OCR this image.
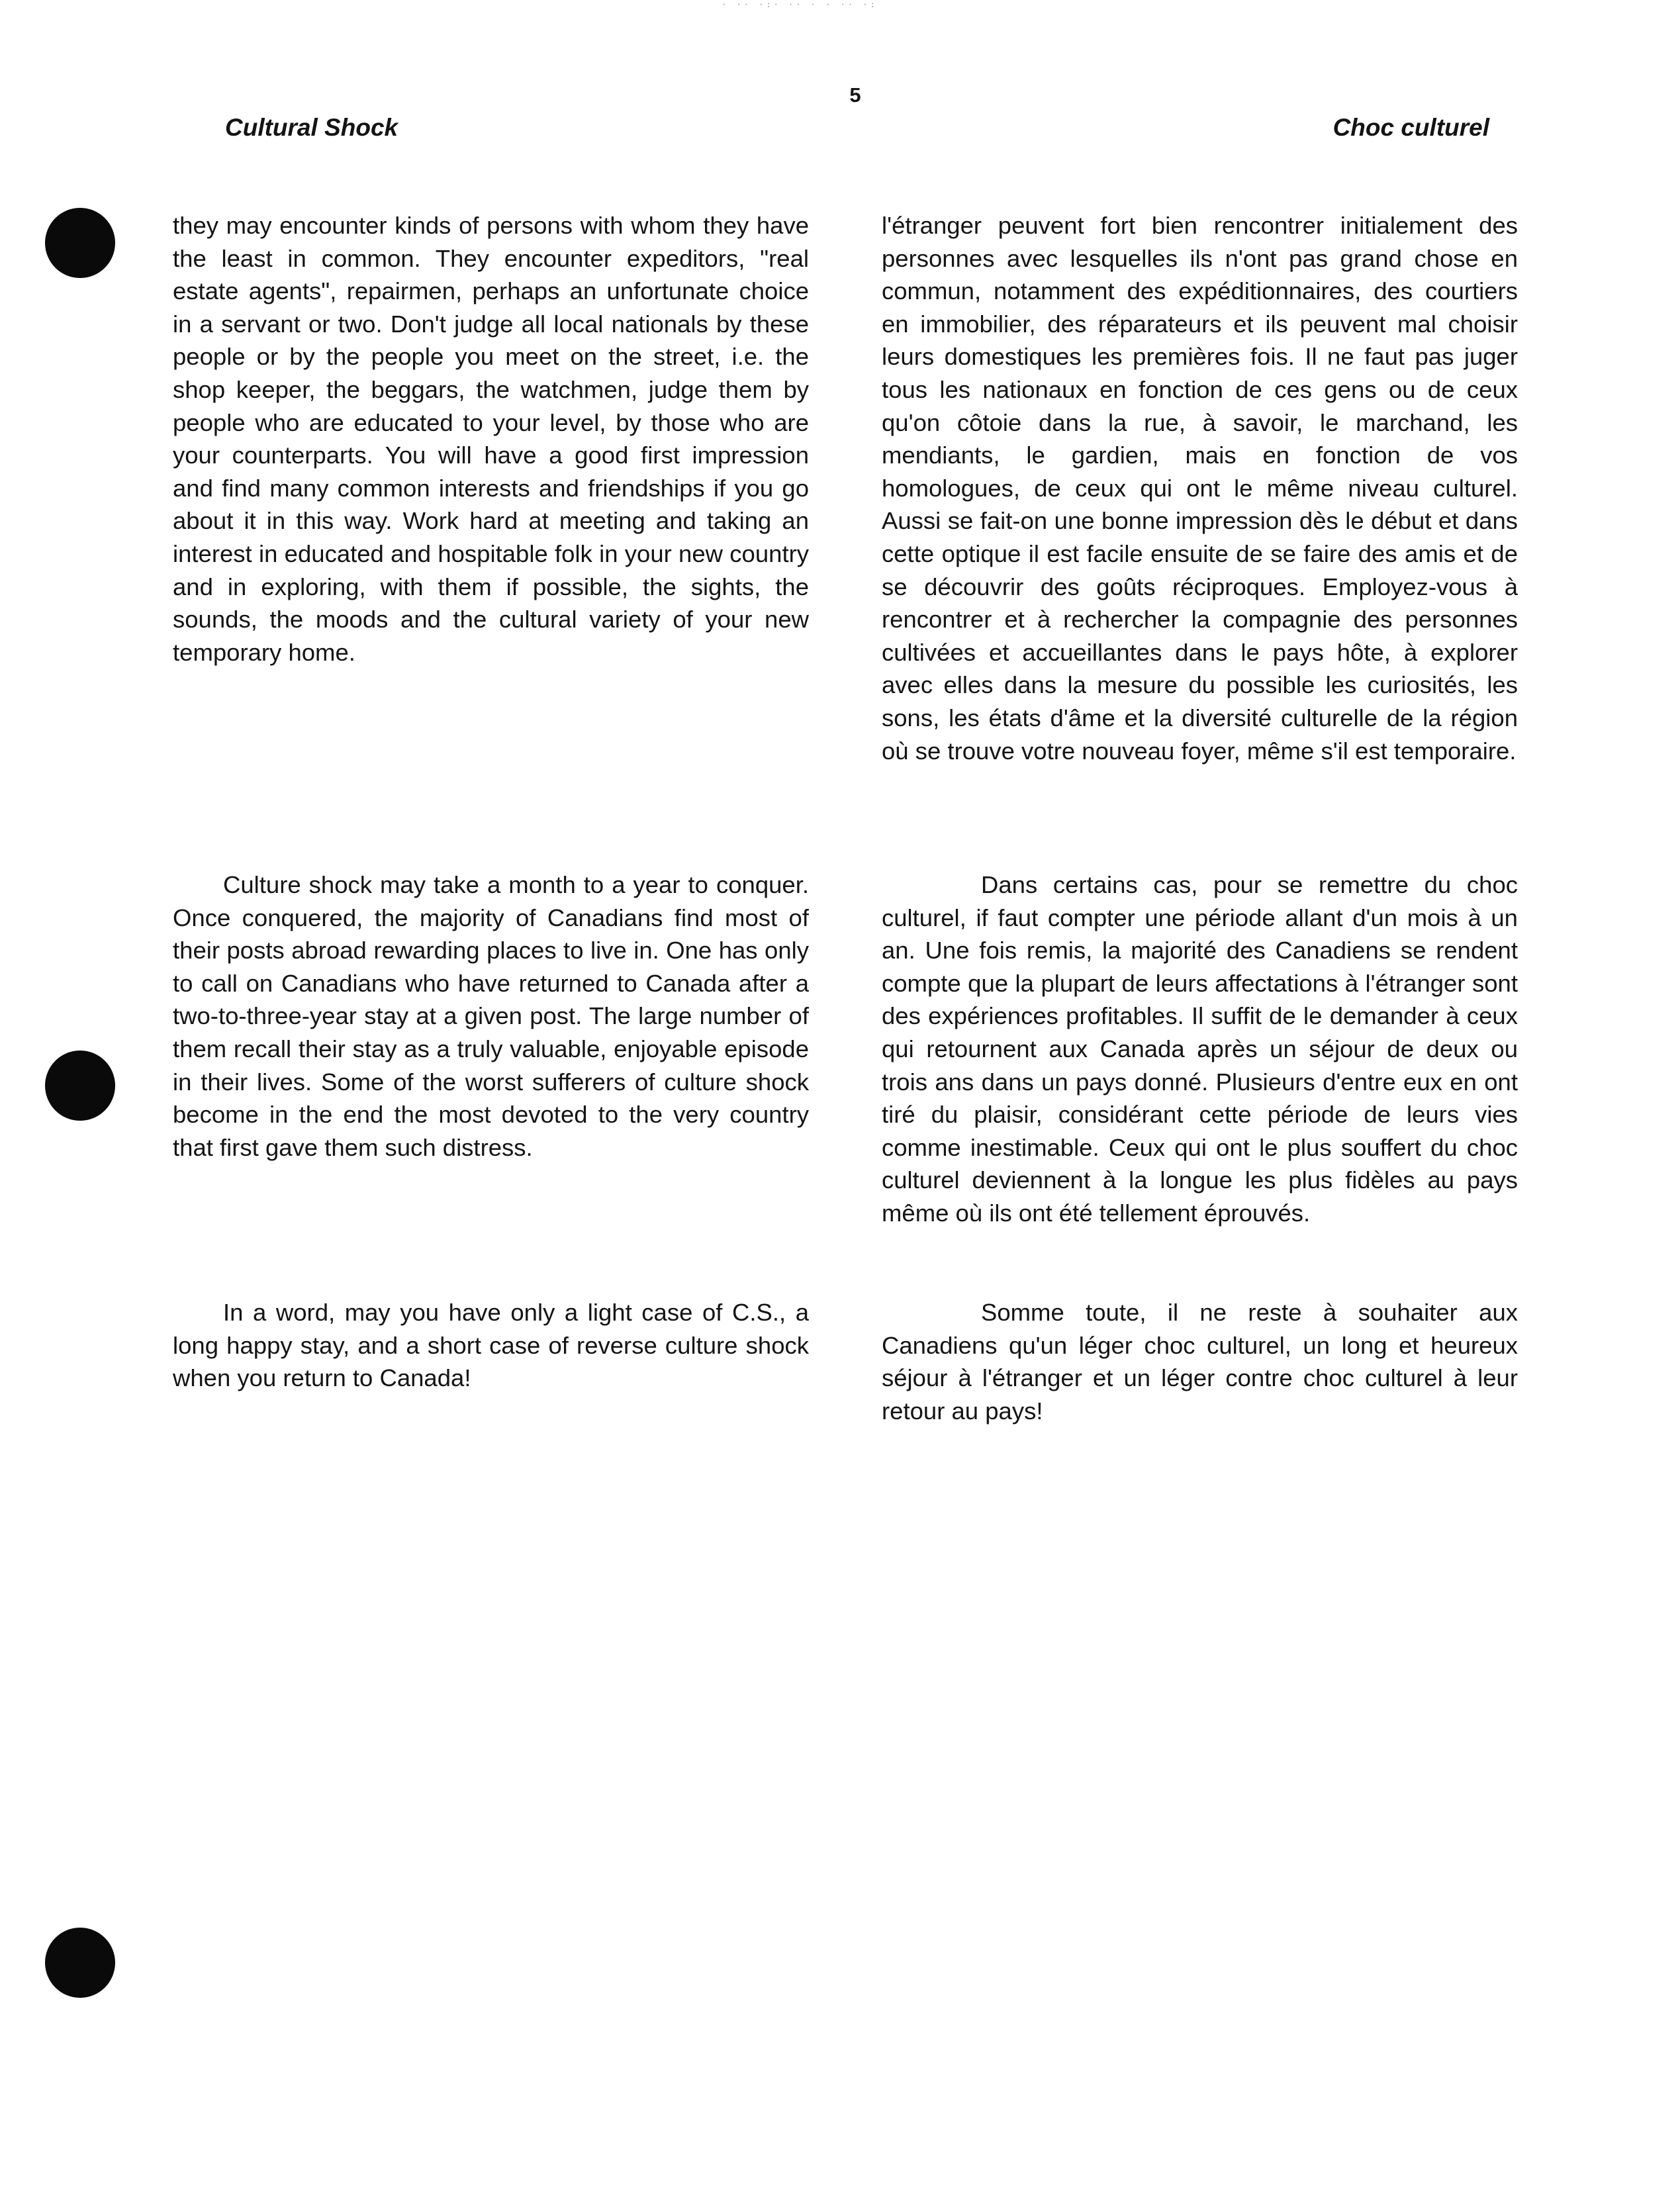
· ·· ·:· ·· · · ·· ·:
5
Cultural Shock	Choc culturel

they may encounter kinds of persons with whom they have the least in common. They encounter expeditors, "real estate agents", repairmen, perhaps an unfortunate choice in a servant or two. Don't judge all local nationals by these people or by the people you meet on the street, i.e. the shop keeper, the beggars, the watchmen, judge them by people who are educated to your level, by those who are your counterparts. You will have a good first impression and find many common interests and friendships if you go about it in this way. Work hard at meeting and taking an interest in educated and hospitable folk in your new country and in exploring, with them if possible, the sights, the sounds, the moods and the cultural variety of your new temporary home.

Culture shock may take a month to a year to conquer. Once conquered, the majority of Canadians find most of their posts abroad rewarding places to live in. One has only to call on Canadians who have returned to Canada after a two-to-three-year stay at a given post. The large number of them recall their stay as a truly valuable, enjoyable episode in their lives. Some of the worst sufferers of culture shock become in the end the most devoted to the very country that first gave them such distress.

In a word, may you have only a light case of C.S., a long happy stay, and a short case of reverse culture shock when you return to Canada!

l'étranger peuvent fort bien rencontrer initialement des personnes avec lesquelles ils n'ont pas grand chose en commun, notamment des expéditionnaires, des courtiers en immobilier, des réparateurs et ils peuvent mal choisir leurs domestiques les premières fois. Il ne faut pas juger tous les nationaux en fonction de ces gens ou de ceux qu'on côtoie dans la rue, à savoir, le marchand, les mendiants, le gardien, mais en fonction de vos homologues, de ceux qui ont le même niveau culturel. Aussi se fait-on une bonne impression dès le début et dans cette optique il est facile ensuite de se faire des amis et de se découvrir des goûts réciproques. Employez-vous à rencontrer et à rechercher la compagnie des personnes cultivées et accueillantes dans le pays hôte, à explorer avec elles dans la mesure du possible les curiosités, les sons, les états d'âme et la diversité culturelle de la région où se trouve votre nouveau foyer, même s'il est temporaire.

Dans certains cas, pour se remettre du choc culturel, if faut compter une période allant d'un mois à un an. Une fois remis, la majorité des Canadiens se rendent compte que la plupart de leurs affectations à l'étranger sont des expériences profitables. Il suffit de le demander à ceux qui retournent aux Canada après un séjour de deux ou trois ans dans un pays donné. Plusieurs d'entre eux en ont tiré du plaisir, considérant cette période de leurs vies comme inestimable. Ceux qui ont le plus souffert du choc culturel deviennent à la longue les plus fidèles au pays même où ils ont été tellement éprouvés.

Somme toute, il ne reste à souhaiter aux Canadiens qu'un léger choc culturel, un long et heureux séjour à l'étranger et un léger contre choc culturel à leur retour au pays!
